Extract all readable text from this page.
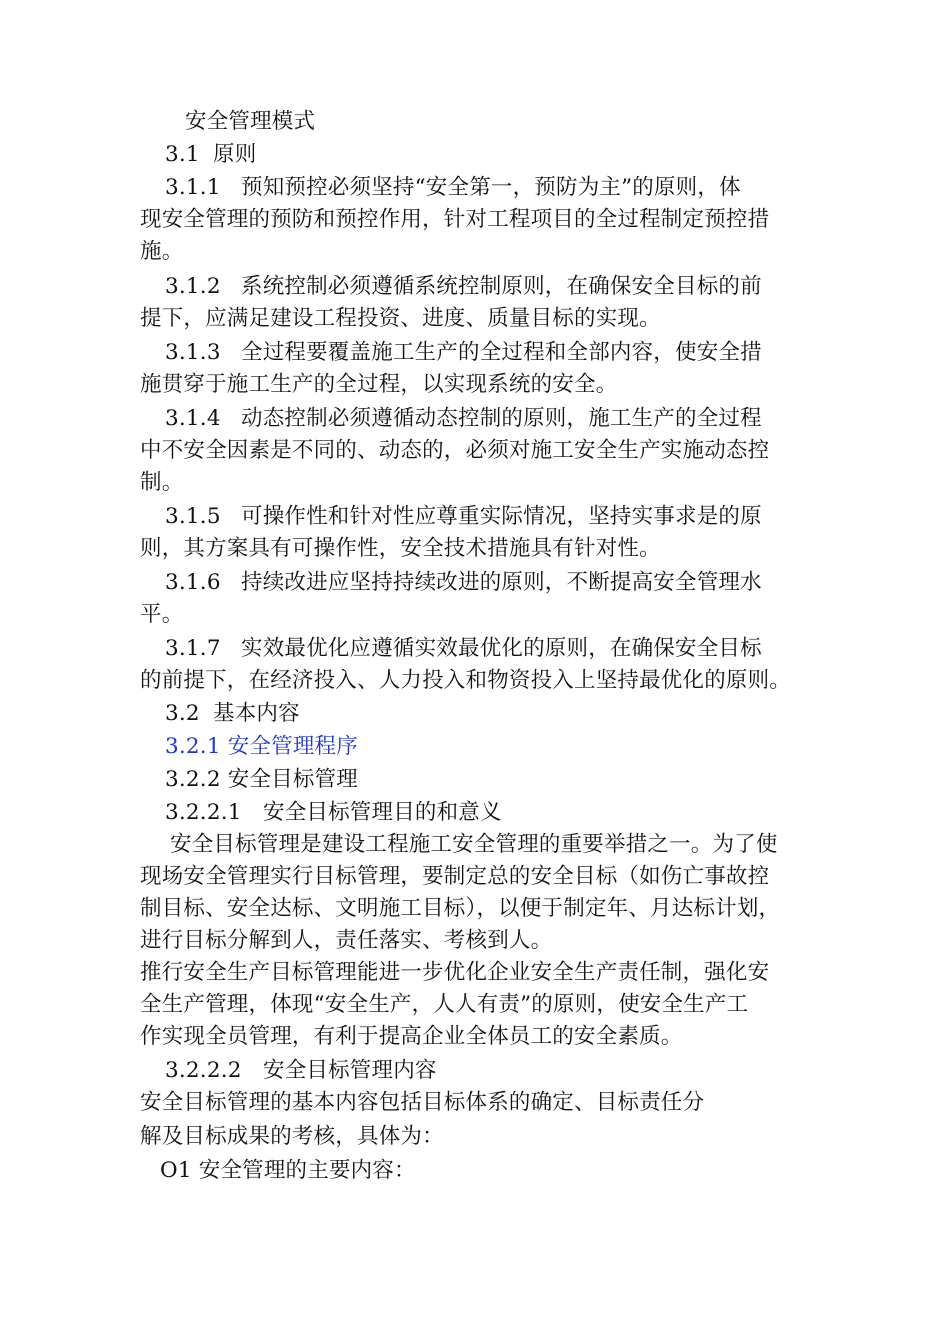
安全管理模式

3.1 原则

3.1.1 预知预控必须坚持“安全第一，预防为主”的原则，体

现安全管理的预防和预控作用，针对工程项目的全过程制定预控措

施。

3.1.2 系统控制必须遵循系统控制原则，在确保安全目标的前

提下，应满足建设工程投资、进度、质量目标的实现。

3.1.3 全过程要覆盖施工生产的全过程和全部内容，使安全措

施贯穿于施工生产的全过程，以实现系统的安全。

3.1.4 动态控制必须遵循动态控制的原则，施工生产的全过程

中不安全因素是不同的、动态的，必须对施工安全生产实施动态控

制。

3.1.5 可操作性和针对性应尊重实际情况，坚持实事求是的原

则，其方案具有可操作性，安全技术措施具有针对性。

3.1.6 持续改进应坚持持续改进的原则，不断提高安全管理水

平。

3.1.7 实效最优化应遵循实效最优化的原则，在确保安全目标

的前提下，在经济投入、人力投入和物资投入上坚持最优化的原则。

3.2 基本内容

3.2.1 安全管理程序

3.2.2 安全目标管理

3.2.2.1 安全目标管理目的和意义

安全目标管理是建设工程施工安全管理的重要举措之一。为了使

现场安全管理实行目标管理，要制定总的安全目标（如伤亡事故控

制目标、安全达标、文明施工目标），以便于制定年、月达标计划，

进行目标分解到人，责任落实、考核到人。

推行安全生产目标管理能进一步优化企业安全生产责任制，强化安

全生产管理，体现“安全生产，人人有责”的原则，使安全生产工

作实现全员管理，有利于提高企业全体员工的安全素质。

3.2.2.2 安全目标管理内容

安全目标管理的基本内容包括目标体系的确定、目标责任分

解及目标成果的考核，具体为：

O1 安全管理的主要内容：
